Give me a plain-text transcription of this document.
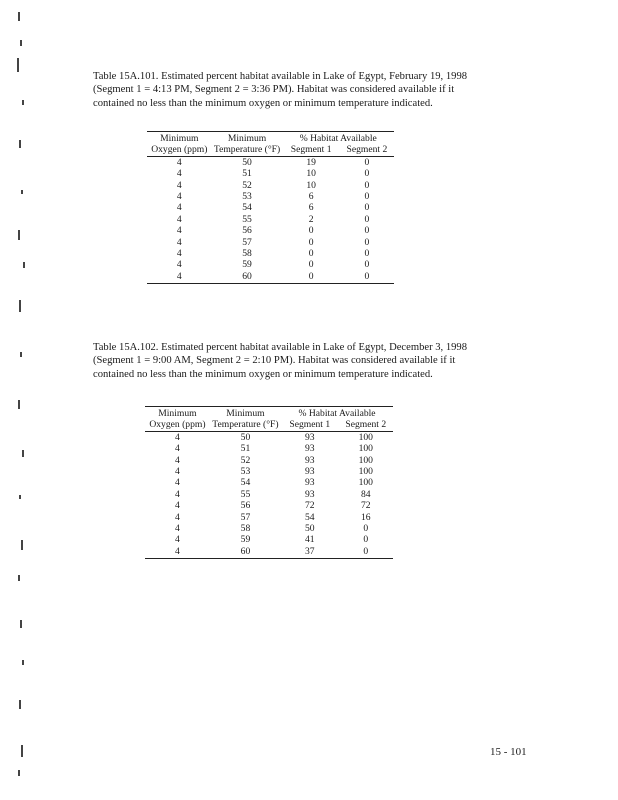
Table 15A.101. Estimated percent habitat available in Lake of Egypt, February 19, 1998 (Segment 1 = 4:13 PM, Segment 2 = 3:36 PM). Habitat was considered available if it contained no less than the minimum oxygen or minimum temperature indicated.
Minimum	Minimum	% Habitat Available	
Oxygen (ppm)	Temperature (°F)	Segment 1	Segment 2
4	50	19	0
4	51	10	0
4	52	10	0
4	53	6	0
4	54	6	0
4	55	2	0
4	56	0	0
4	57	0	0
4	58	0	0
4	59	0	0
4	60	0	0
Table 15A.102. Estimated percent habitat available in Lake of Egypt, December 3, 1998 (Segment 1 = 9:00 AM, Segment 2 = 2:10 PM). Habitat was considered available if it contained no less than the minimum oxygen or minimum temperature indicated.
Minimum	Minimum	% Habitat Available	
Oxygen (ppm)	Temperature (°F)	Segment 1	Segment 2
4	50	93	100
4	51	93	100
4	52	93	100
4	53	93	100
4	54	93	100
4	55	93	84
4	56	72	72
4	57	54	16
4	58	50	0
4	59	41	0
4	60	37	0
15 - 101
